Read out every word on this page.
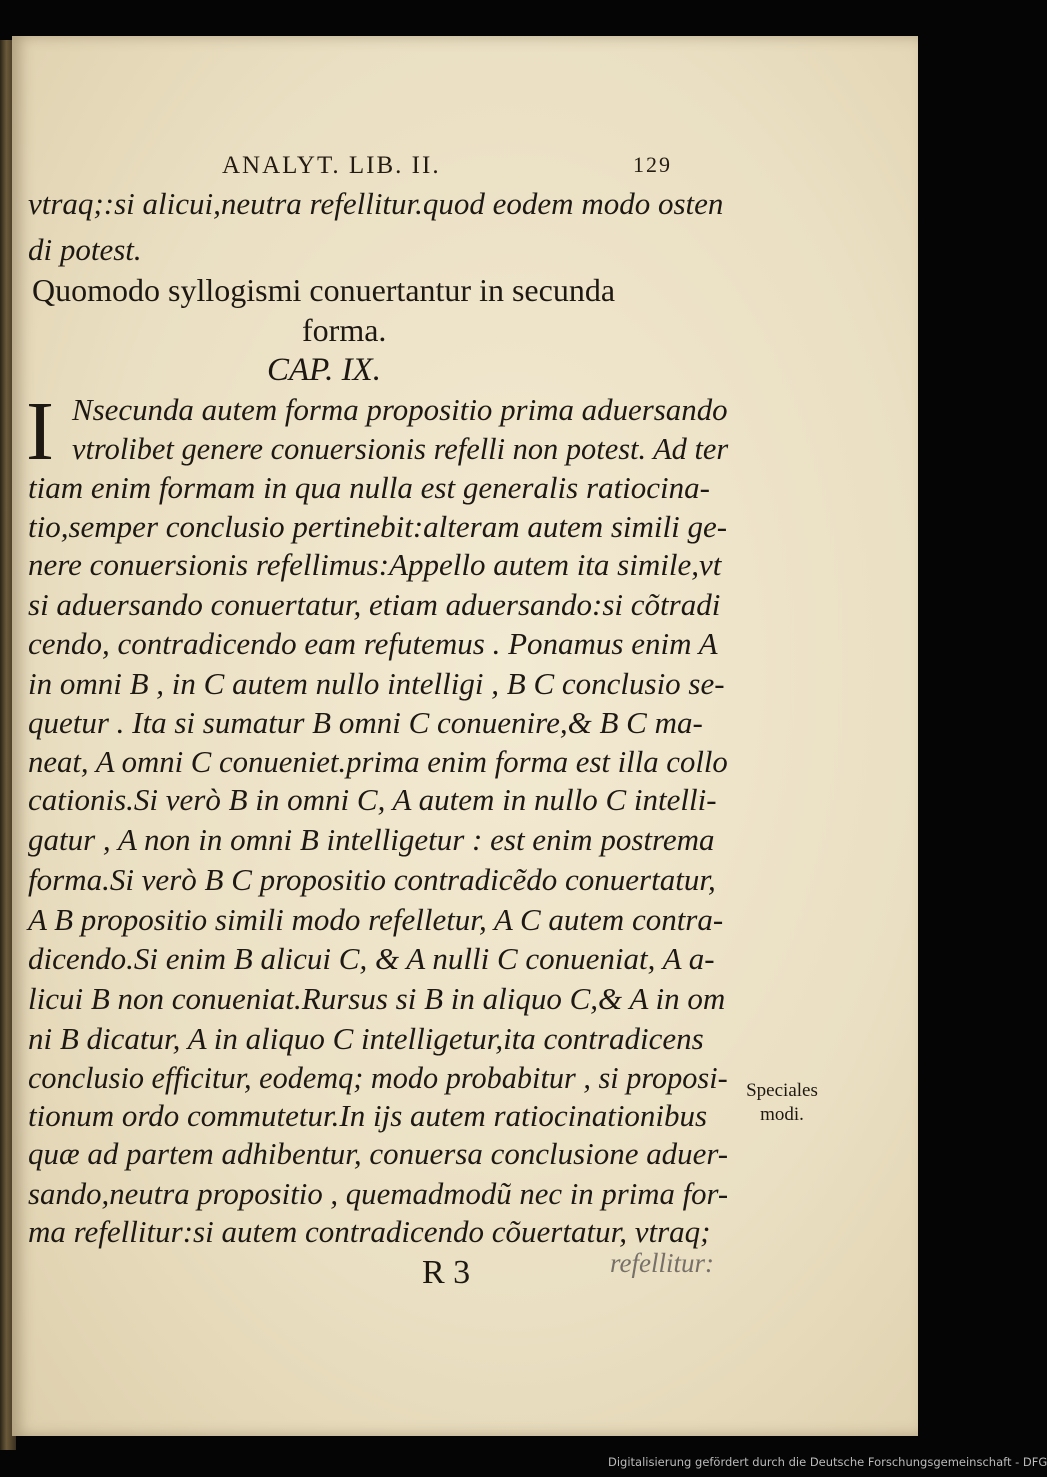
ANALYT. LIB. II.	129
vtraq;:si alicui,neutra refellitur.quod eodem modo osten
di potest.
Quomodo syllogismi conuertantur in secunda
forma.
CAP. IX.
I Nsecunda autem forma propositio prima aduersando
vtrolibet genere conuersionis refelli non potest. Ad ter
tiam enim formam in qua nulla est generalis ratiocina-
tio,semper conclusio pertinebit:alteram autem simili ge-
nere conuersionis refellimus:Appello autem ita simile,vt
si aduersando conuertatur, etiam aduersando:si cõtradi
cendo, contradicendo eam refutemus . Ponamus enim A
in omni B , in C autem nullo intelligi , B C conclusio se-
quetur . Ita si sumatur B omni C conuenire,& B C ma-
neat, A omni C conueniet.prima enim forma est illa collo
cationis.Si verò B in omni C, A autem in nullo C intelli-
gatur , A non in omni B intelligetur : est enim postrema
forma.Si verò B C propositio contradicẽdo conuertatur,
A B propositio simili modo refelletur, A C autem contra-
dicendo.Si enim B alicui C, & A nulli C conueniat, A a-
licui B non conueniat.Rursus si B in aliquo C,& A in om
ni B dicatur, A in aliquo C intelligetur,ita contradicens
conclusio efficitur, eodemq; modo probabitur , si proposi-
tionum ordo commutetur.In ijs autem ratiocinationibus
quæ ad partem adhibentur, conuersa conclusione aduer-
sando,neutra propositio , quemadmodũ nec in prima for-
ma refellitur:si autem contradicendo cõuertatur, vtraq;
Speciales
modi.
R 3	refellitur:
Digitalisierung gefördert durch die Deutsche Forschungsgemeinschaft - DFG
